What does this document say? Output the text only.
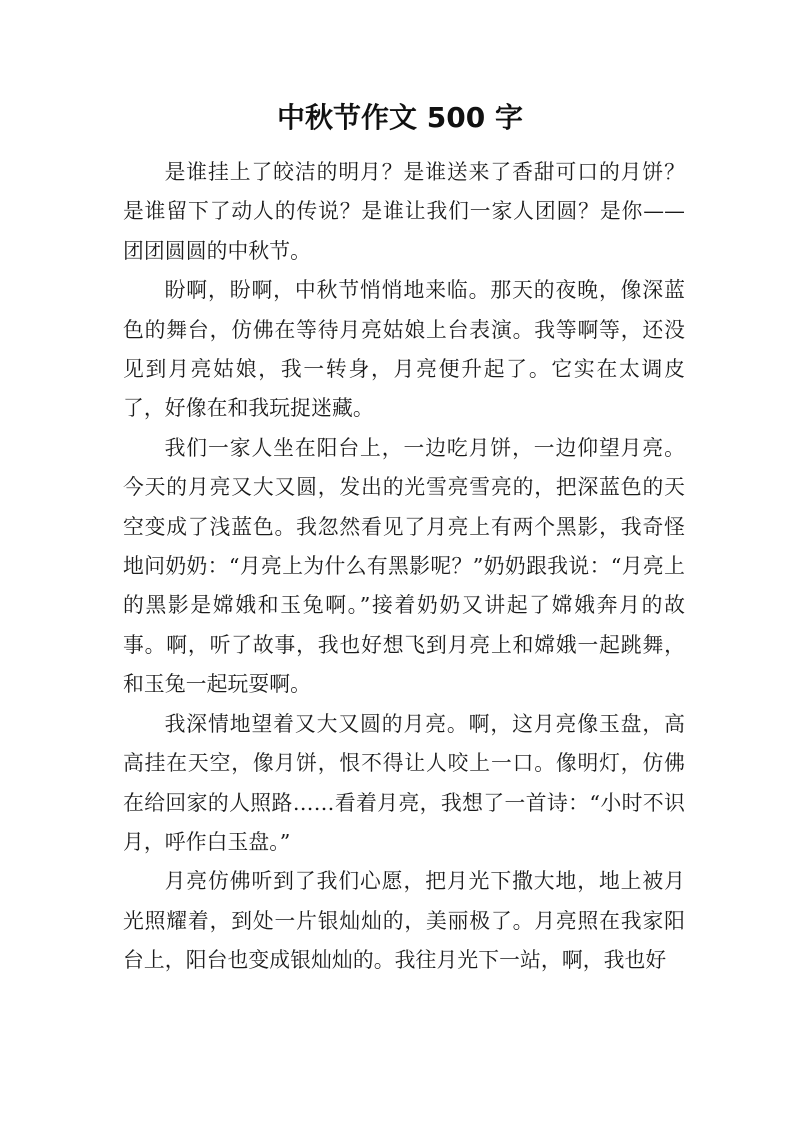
中秋节作文 500 字

是谁挂上了皎洁的明月？是谁送来了香甜可口的月饼？是谁留下了动人的传说？是谁让我们一家人团圆？是你——团团圆圆的中秋节。

盼啊，盼啊，中秋节悄悄地来临。那天的夜晚，像深蓝色的舞台，仿佛在等待月亮姑娘上台表演。我等啊等，还没见到月亮姑娘，我一转身，月亮便升起了。它实在太调皮了，好像在和我玩捉迷藏。

我们一家人坐在阳台上，一边吃月饼，一边仰望月亮。今天的月亮又大又圆，发出的光雪亮雪亮的，把深蓝色的天空变成了浅蓝色。我忽然看见了月亮上有两个黑影，我奇怪地问奶奶：“月亮上为什么有黑影呢？”奶奶跟我说：“月亮上的黑影是嫦娥和玉兔啊。”接着奶奶又讲起了嫦娥奔月的故事。啊，听了故事，我也好想飞到月亮上和嫦娥一起跳舞，和玉兔一起玩耍啊。

我深情地望着又大又圆的月亮。啊，这月亮像玉盘，高高挂在天空，像月饼，恨不得让人咬上一口。像明灯，仿佛在给回家的人照路……看着月亮，我想了一首诗：“小时不识月，呼作白玉盘。”

月亮仿佛听到了我们心愿，把月光下撒大地，地上被月光照耀着，到处一片银灿灿的，美丽极了。月亮照在我家阳台上，阳台也变成银灿灿的。我往月光下一站，啊，我也好
